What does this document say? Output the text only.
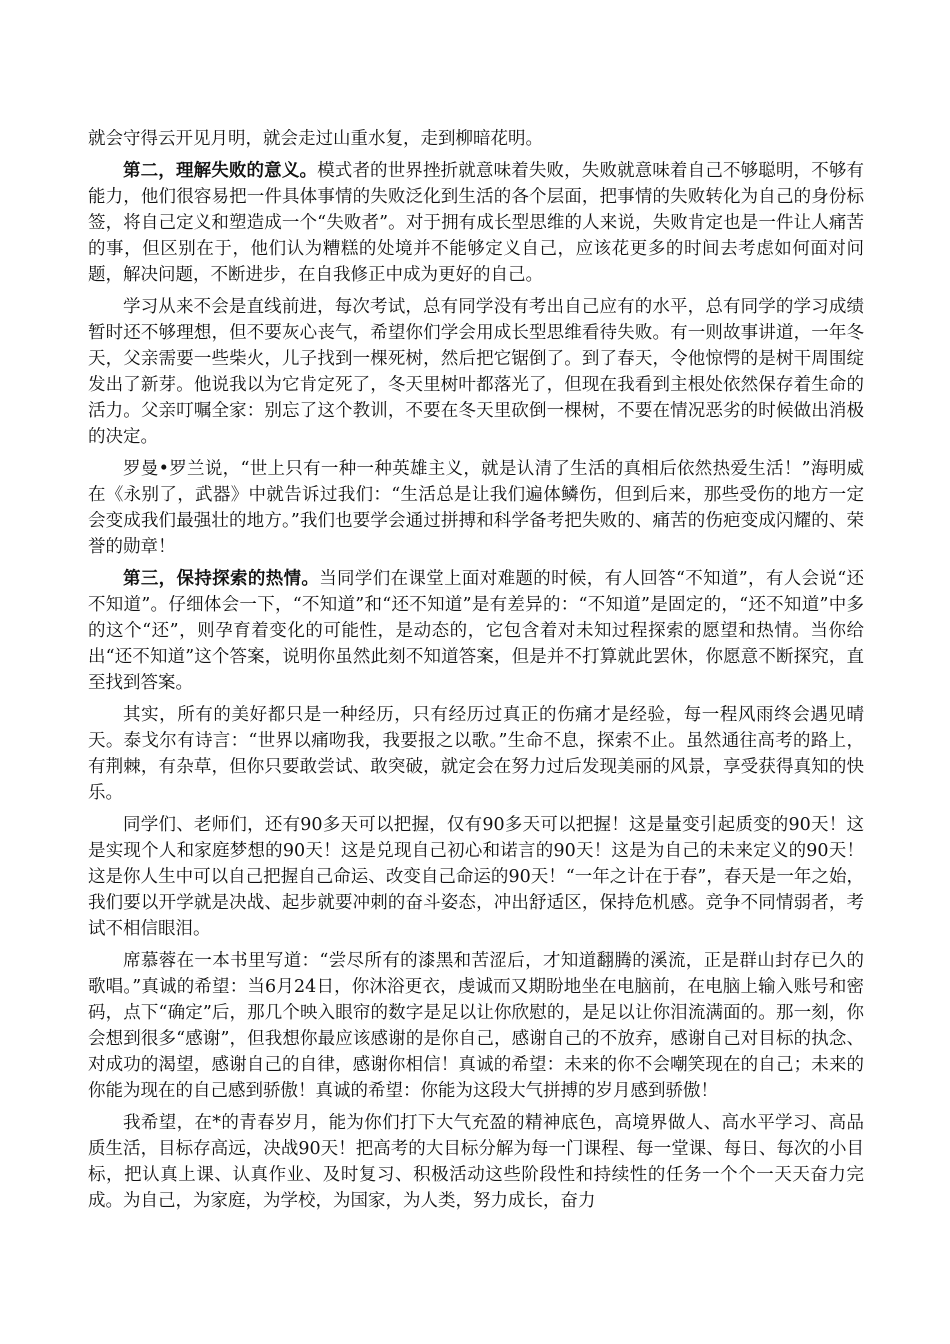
就会守得云开见月明，就会走过山重水复，走到柳暗花明。

第二，理解失败的意义。模式者的世界挫折就意味着失败，失败就意味着自己不够聪明，不够有能力，他们很容易把一件具体事情的失败泛化到生活的各个层面，把事情的失败转化为自己的身份标签，将自己定义和塑造成一个“失败者”。对于拥有成长型思维的人来说，失败肯定也是一件让人痛苦的事，但区别在于，他们认为糟糕的处境并不能够定义自己，应该花更多的时间去考虑如何面对问题，解决问题，不断进步，在自我修正中成为更好的自己。

学习从来不会是直线前进，每次考试，总有同学没有考出自己应有的水平，总有同学的学习成绩暂时还不够理想，但不要灰心丧气，希望你们学会用成长型思维看待失败。有一则故事讲道，一年冬天，父亲需要一些柴火，儿子找到一棵死树，然后把它锯倒了。到了春天，令他惊愕的是树干周围绽发出了新芽。他说我以为它肯定死了，冬天里树叶都落光了，但现在我看到主根处依然保存着生命的活力。父亲叮嘱全家：别忘了这个教训，不要在冬天里砍倒一棵树，不要在情况恶劣的时候做出消极的决定。

罗曼•罗兰说，“世上只有一种一种英雄主义，就是认清了生活的真相后依然热爱生活！”海明威在《永别了，武器》中就告诉过我们：“生活总是让我们遍体鳞伤，但到后来，那些受伤的地方一定会变成我们最强壮的地方。”我们也要学会通过拼搏和科学备考把失败的、痛苦的伤疤变成闪耀的、荣誉的勋章！

第三，保持探索的热情。当同学们在课堂上面对难题的时候，有人回答“不知道”，有人会说“还不知道”。仔细体会一下，“不知道”和“还不知道”是有差异的：“不知道”是固定的，“还不知道”中多的这个“还”，则孕育着变化的可能性，是动态的，它包含着对未知过程探索的愿望和热情。当你给出“还不知道”这个答案，说明你虽然此刻不知道答案，但是并不打算就此罢休，你愿意不断探究，直至找到答案。

其实，所有的美好都只是一种经历，只有经历过真正的伤痛才是经验，每一程风雨终会遇见晴天。泰戈尔有诗言：“世界以痛吻我，我要报之以歌。”生命不息，探索不止。虽然通往高考的路上，有荆棘，有杂草，但你只要敢尝试、敢突破，就定会在努力过后发现美丽的风景，享受获得真知的快乐。

同学们、老师们，还有90多天可以把握，仅有90多天可以把握！这是量变引起质变的90天！这是实现个人和家庭梦想的90天！这是兑现自己初心和诺言的90天！这是为自己的未来定义的90天！这是你人生中可以自己把握自己命运、改变自己命运的90天！“一年之计在于春”，春天是一年之始，我们要以开学就是决战、起步就要冲刺的奋斗姿态，冲出舒适区，保持危机感。竞争不同情弱者，考试不相信眼泪。

席慕蓉在一本书里写道：“尝尽所有的漆黑和苦涩后，才知道翻腾的溪流，正是群山封存已久的歌唱。”真诚的希望：当6月24日，你沐浴更衣，虔诚而又期盼地坐在电脑前，在电脑上输入账号和密码，点下“确定”后，那几个映入眼帘的数字是足以让你欣慰的，是足以让你泪流满面的。那一刻，你会想到很多“感谢”，但我想你最应该感谢的是你自己，感谢自己的不放弃，感谢自己对目标的执念、对成功的渴望，感谢自己的自律，感谢你相信！真诚的希望：未来的你不会嘲笑现在的自己；未来的你能为现在的自己感到骄傲！真诚的希望：你能为这段大气拼搏的岁月感到骄傲！

我希望，在*的青春岁月，能为你们打下大气充盈的精神底色，高境界做人、高水平学习、高品质生活，目标存高远，决战90天！把高考的大目标分解为每一门课程、每一堂课、每日、每次的小目标，把认真上课、认真作业、及时复习、积极活动这些阶段性和持续性的任务一个个一天天奋力完成。为自己，为家庭，为学校，为国家，为人类，努力成长，奋力
